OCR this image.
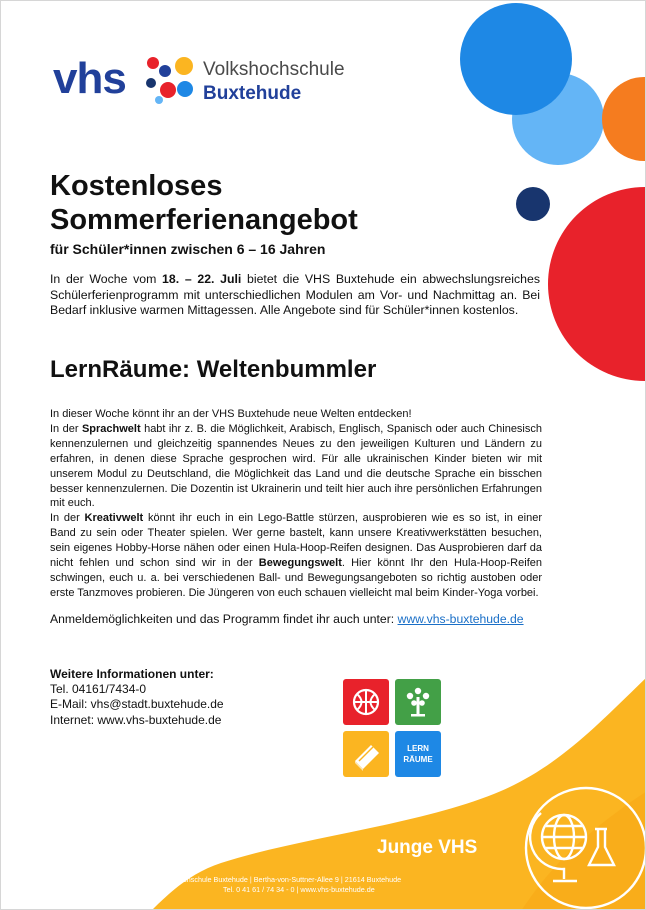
vhs	Volkshochschule
Buxtehude
Kostenloses
Sommerferienangebot
für Schüler*innen zwischen 6 – 16 Jahren
In der Woche vom 18. – 22. Juli bietet die VHS Buxtehude ein abwechslungsreiches Schülerferienprogramm mit unterschiedlichen Modulen am Vor- und Nachmittag an. Bei Bedarf inklusive warmen Mittagessen. Alle Angebote sind für Schüler*innen kostenlos.
LernRäume: Weltenbummler

In dieser Woche könnt ihr an der VHS Buxtehude neue Welten entdecken!

In der Sprachwelt habt ihr z. B. die Möglichkeit, Arabisch, Englisch, Spanisch oder auch Chinesisch kennenzulernen und gleichzeitig spannendes Neues zu den jeweiligen Kulturen und Ländern zu erfahren, in denen diese Sprache gesprochen wird. Für alle ukrainischen Kinder bieten wir mit unserem Modul zu Deutschland, die Möglichkeit das Land und die deutsche Sprache ein bisschen besser kennenzulernen. Die Dozentin ist Ukrainerin und teilt hier auch ihre persönlichen Erfahrungen mit euch.

In der Kreativwelt könnt ihr euch in ein Lego-Battle stürzen, ausprobieren wie es so ist, in einer Band zu sein oder Theater spielen. Wer gerne bastelt, kann unsere Kreativwerkstätten besuchen, sein eigenes Hobby-Horse nähen oder einen Hula-Hoop-Reifen designen. Das Ausprobieren darf da nicht fehlen und schon sind wir in der Bewegungswelt. Hier könnt Ihr den Hula-Hoop-Reifen schwingen, euch u. a. bei verschiedenen Ball- und Bewegungsangeboten so richtig austoben oder erste Tanzmoves probieren. Die Jüngeren von euch schauen vielleicht mal beim Kinder-Yoga vorbei.

Anmeldemöglichkeiten und das Programm findet ihr auch unter: www.vhs-buxtehude.de
Weitere Informationen unter:
Tel. 04161/7434-0
E-Mail: vhs@stadt.buxtehude.de
Internet: www.vhs-buxtehude.de
LERN
RÄUME
Junge VHS
Volkshochschule Buxtehude | Bertha-von-Suttner-Allee 9 | 21614 Buxtehude
Tel. 0 41 61 / 74 34 - 0 | www.vhs-buxtehude.de
